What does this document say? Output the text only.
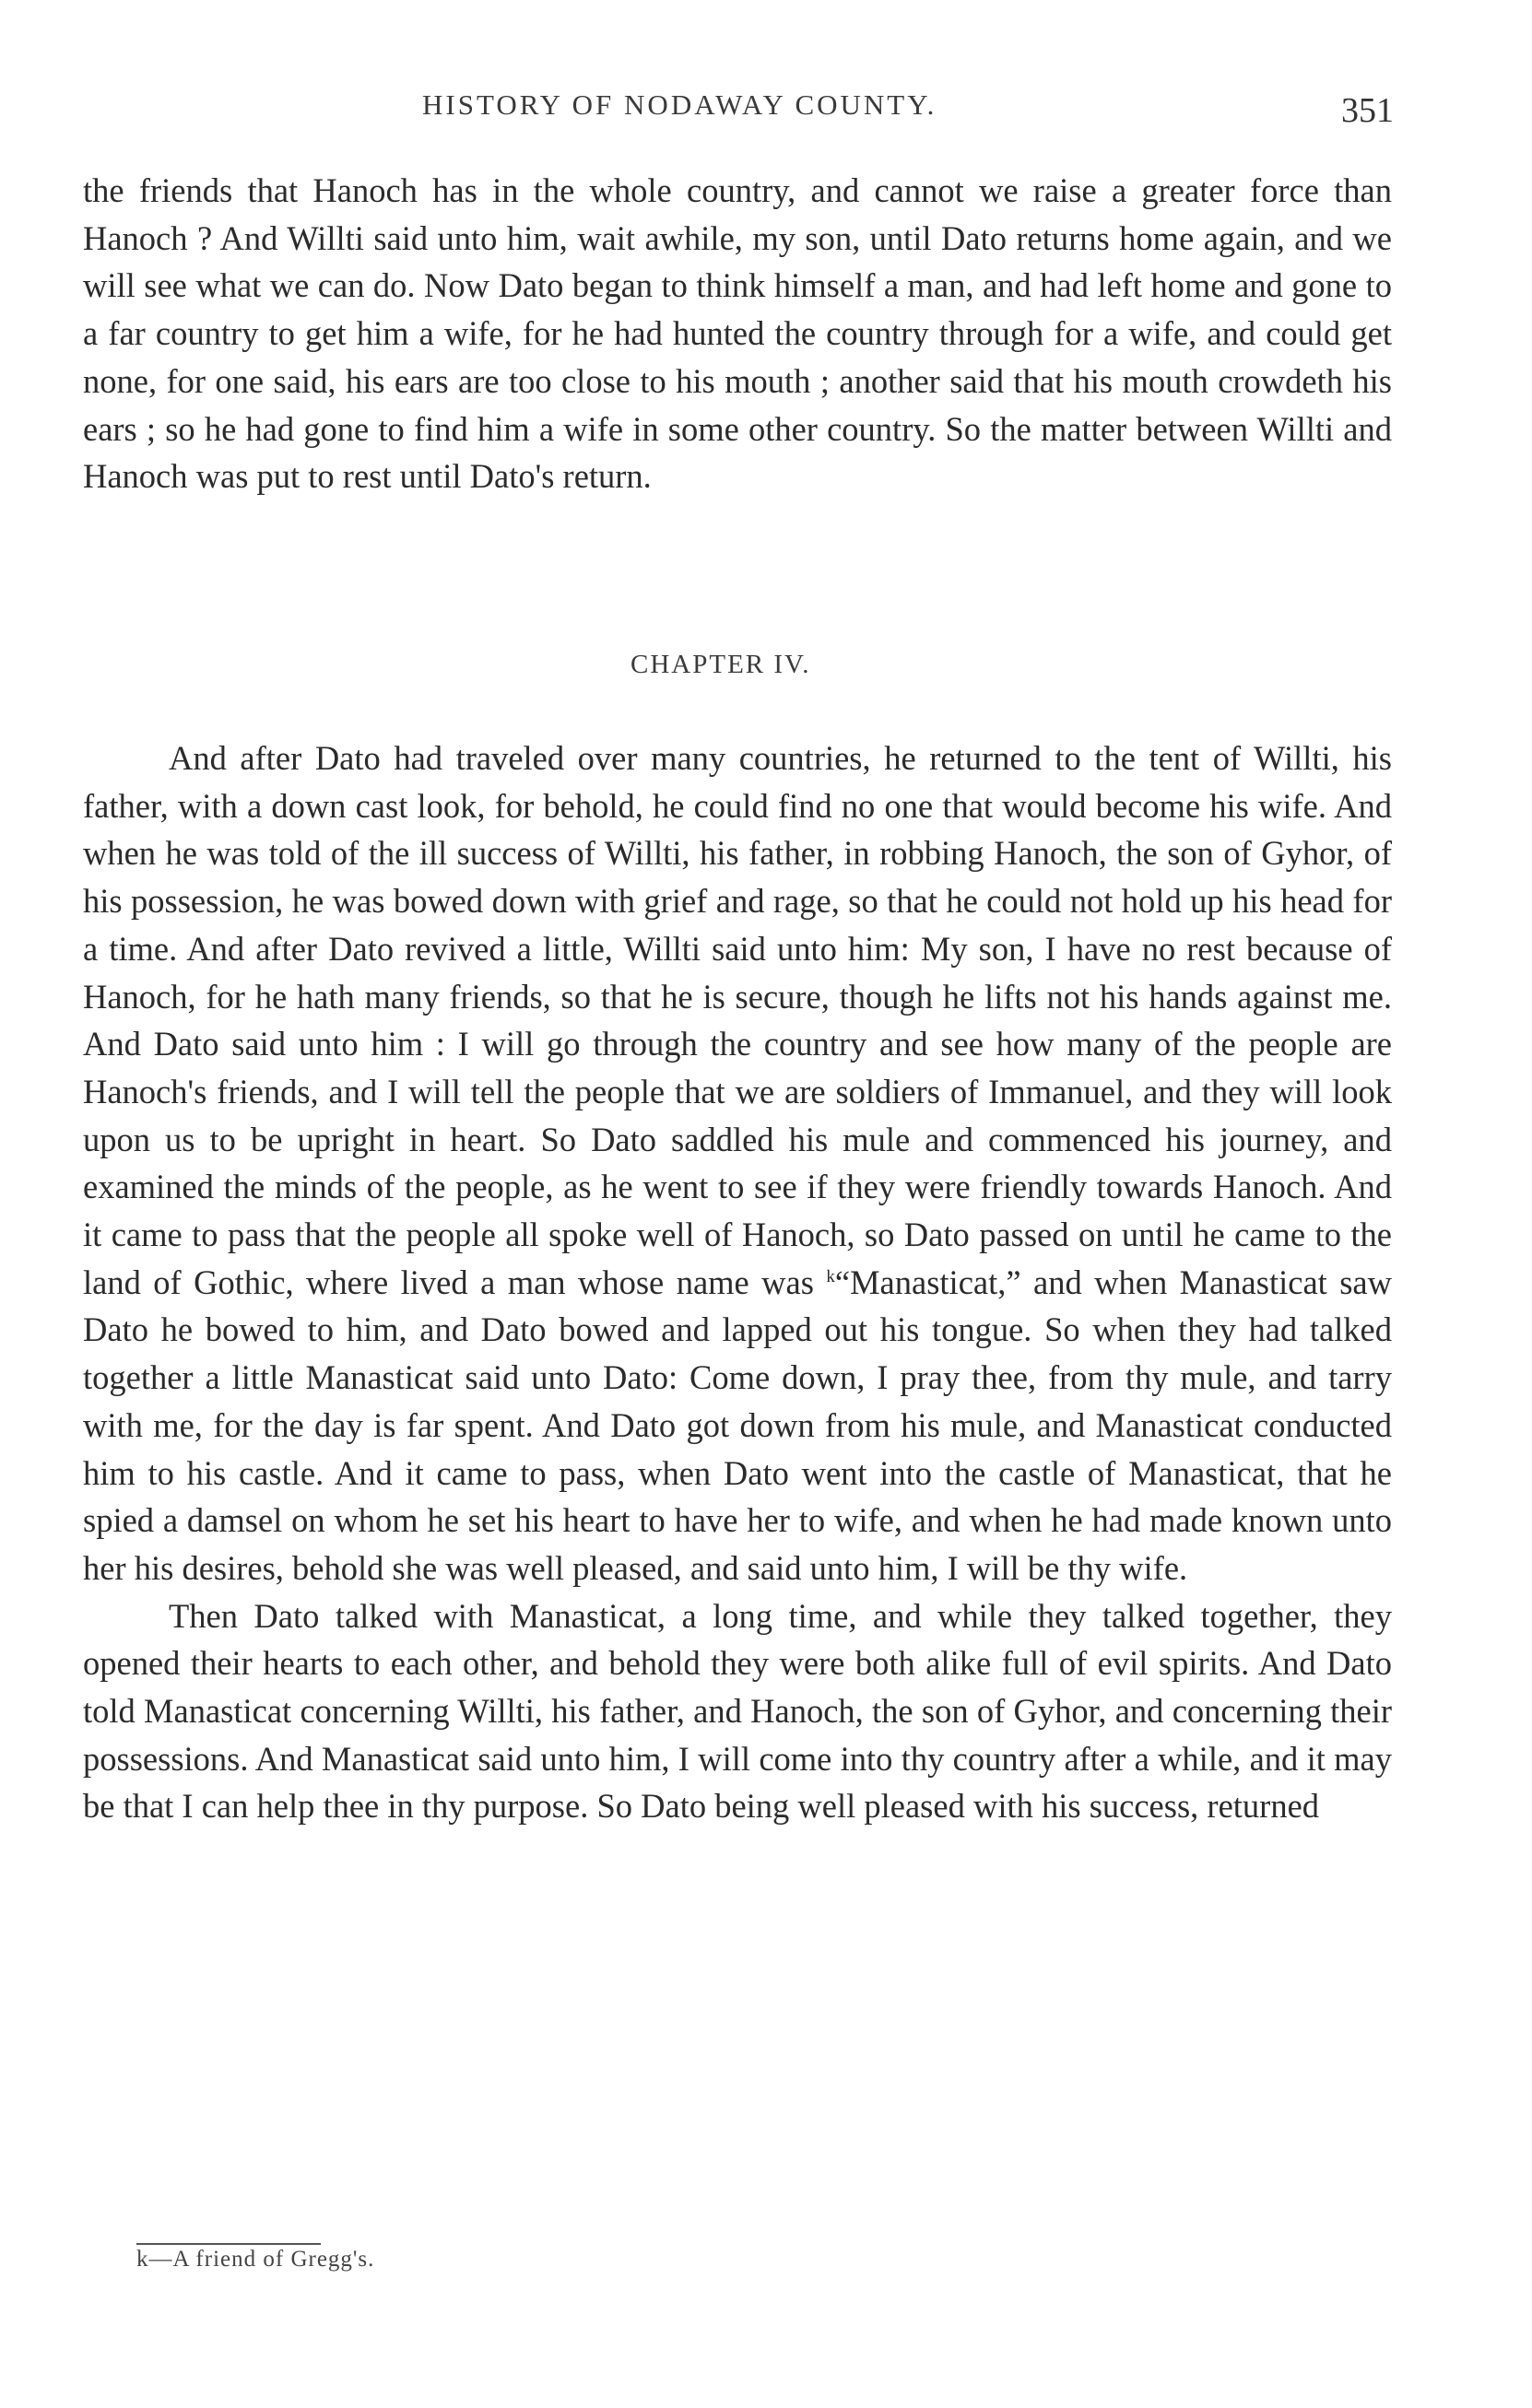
HISTORY OF NODAWAY COUNTY.	351

the friends that Hanoch has in the whole country, and cannot we raise a greater force than Hanoch ? And Willti said unto him, wait awhile, my son, until Dato returns home again, and we will see what we can do. Now Dato began to think himself a man, and had left home and gone to a far country to get him a wife, for he had hunted the country through for a wife, and could get none, for one said, his ears are too close to his mouth ; another said that his mouth crowdeth his ears ; so he had gone to find him a wife in some other country. So the matter between Willti and Hanoch was put to rest until Dato's return.

CHAPTER IV.

And after Dato had traveled over many countries, he returned to the tent of Willti, his father, with a down cast look, for behold, he could find no one that would become his wife. And when he was told of the ill success of Willti, his father, in robbing Hanoch, the son of Gyhor, of his possession, he was bowed down with grief and rage, so that he could not hold up his head for a time. And after Dato revived a little, Willti said unto him: My son, I have no rest because of Hanoch, for he hath many friends, so that he is secure, though he lifts not his hands against me. And Dato said unto him : I will go through the country and see how many of the people are Hanoch's friends, and I will tell the people that we are soldiers of Immanuel, and they will look upon us to be upright in heart. So Dato saddled his mule and commenced his journey, and examined the minds of the people, as he went to see if they were friendly towards Hanoch. And it came to pass that the people all spoke well of Hanoch, so Dato passed on until he came to the land of Gothic, where lived a man whose name was $^k$“Manasticat,” and when Manasticat saw Dato he bowed to him, and Dato bowed and lapped out his tongue. So when they had talked together a little Manasticat said unto Dato: Come down, I pray thee, from thy mule, and tarry with me, for the day is far spent. And Dato got down from his mule, and Manasticat conducted him to his castle. And it came to pass, when Dato went into the castle of Manasticat, that he spied a damsel on whom he set his heart to have her to wife, and when he had made known unto her his desires, behold she was well pleased, and said unto him, I will be thy wife.

Then Dato talked with Manasticat, a long time, and while they talked together, they opened their hearts to each other, and behold they were both alike full of evil spirits. And Dato told Manasticat concerning Willti, his father, and Hanoch, the son of Gyhor, and concerning their possessions. And Manasticat said unto him, I will come into thy country after a while, and it may be that I can help thee in thy purpose. So Dato being well pleased with his success, returned

k—A friend of Gregg's.
